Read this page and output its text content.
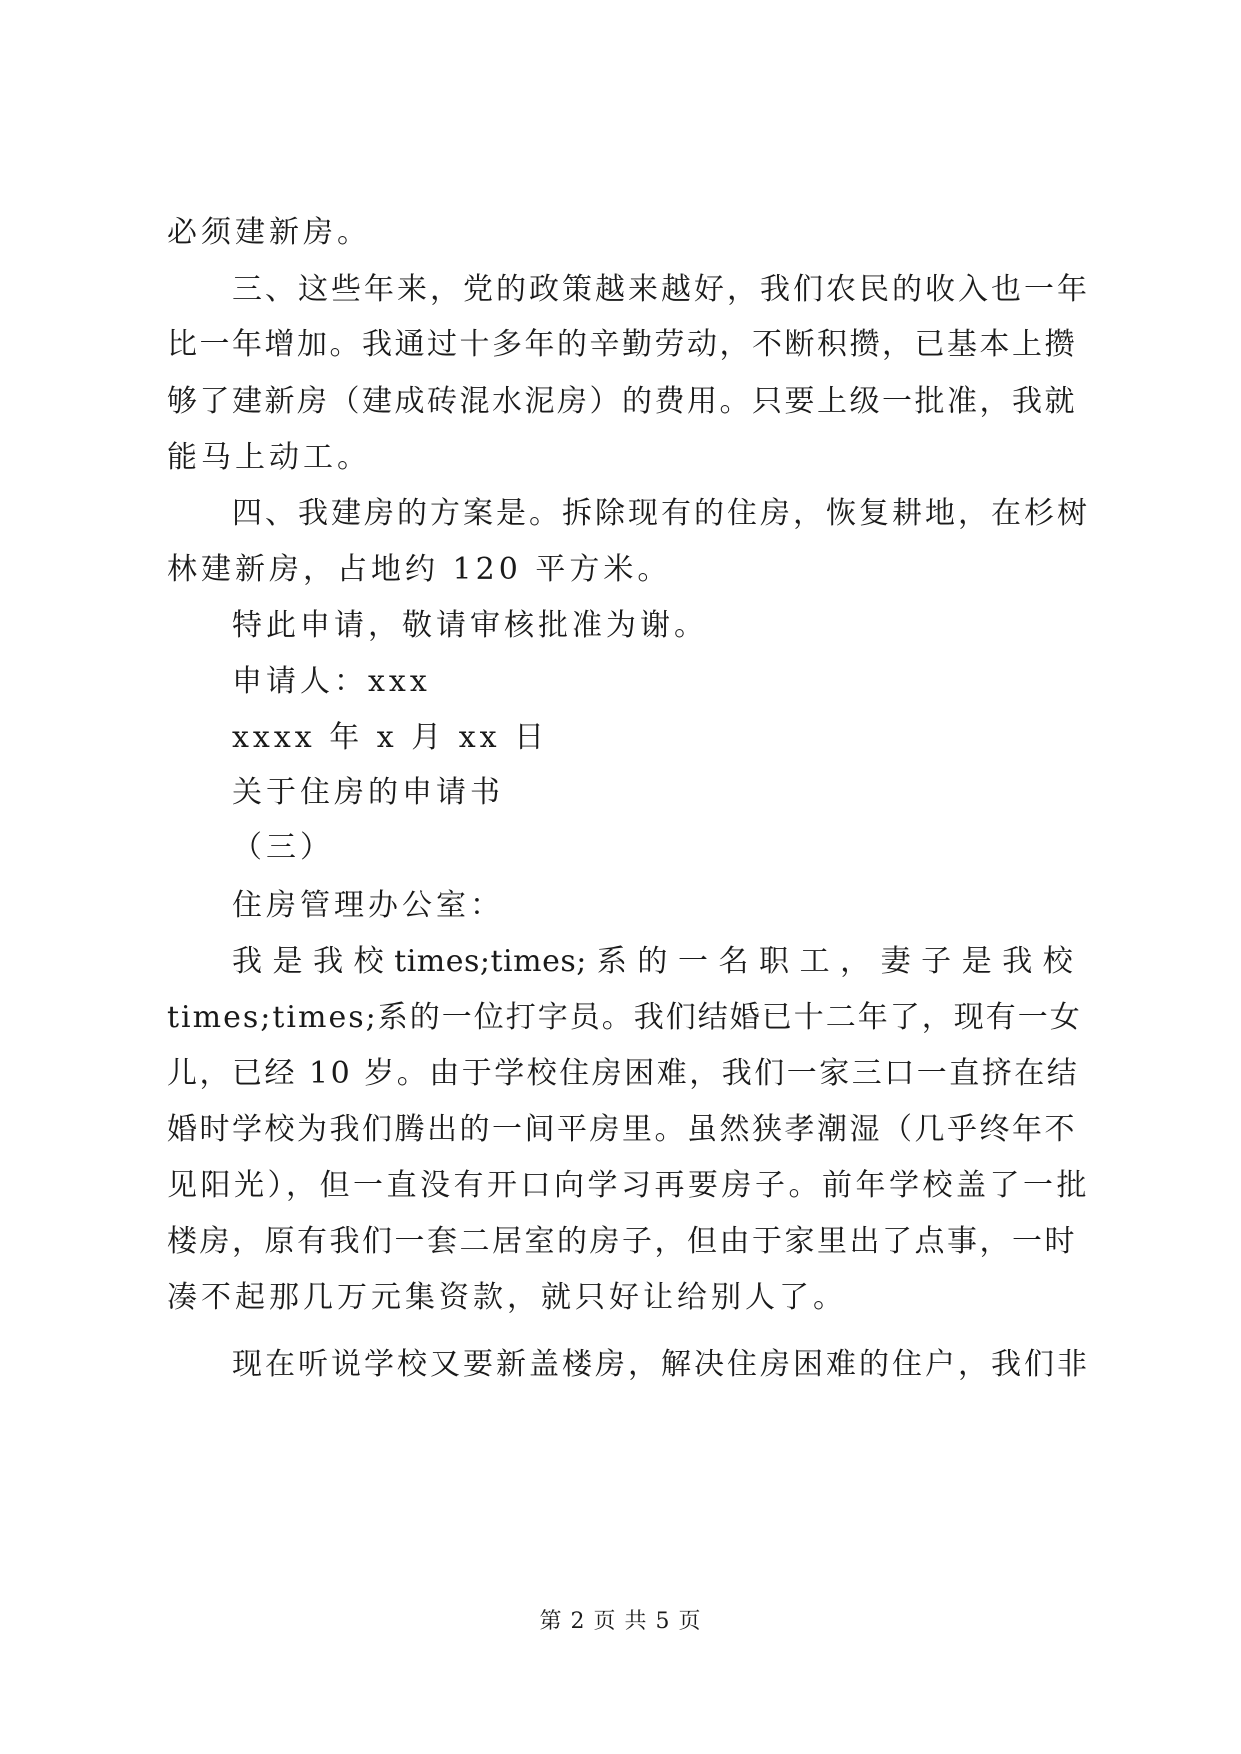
必须建新房。
三、这些年来，党的政策越来越好，我们农民的收入也一年
比一年增加。我通过十多年的辛勤劳动，不断积攒，已基本上攒
够了建新房（建成砖混水泥房）的费用。只要上级一批准，我就
能马上动工。
四、我建房的方案是。拆除现有的住房，恢复耕地，在杉树
林建新房，占地约 120 平方米。
特此申请，敬请审核批准为谢。
申请人：xxx
xxxx 年 x 月 xx 日
关于住房的申请书
（三）
住房管理办公室：
我 是 我 校 times;times; 系 的 一 名 职 工 ， 妻 子 是 我 校
times;times;系的一位打字员。我们结婚已十二年了，现有一女
儿，已经 10 岁。由于学校住房困难，我们一家三口一直挤在结
婚时学校为我们腾出的一间平房里。虽然狭孝潮湿（几乎终年不
见阳光），但一直没有开口向学习再要房子。前年学校盖了一批
楼房，原有我们一套二居室的房子，但由于家里出了点事，一时
凑不起那几万元集资款，就只好让给别人了。
现在听说学校又要新盖楼房，解决住房困难的住户，我们非
第 2 页 共 5 页
